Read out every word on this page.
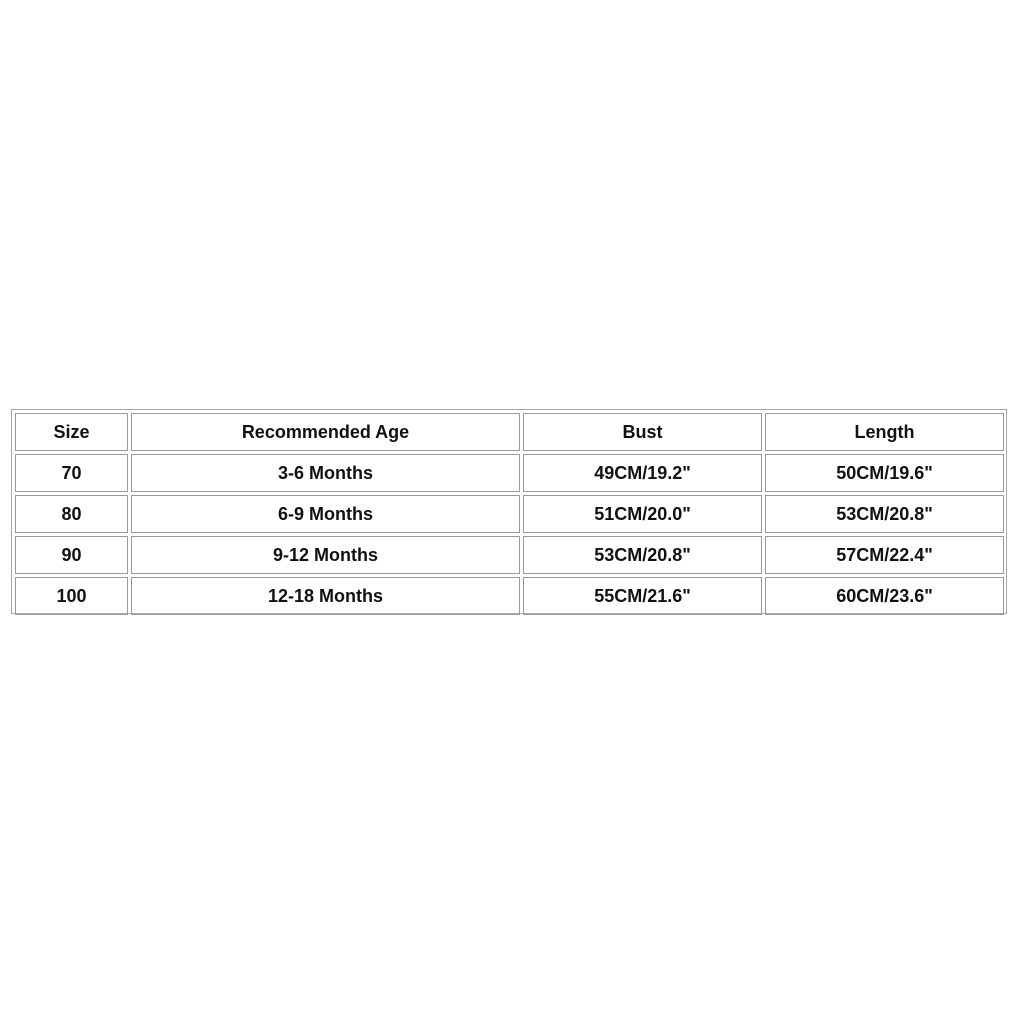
Size	Recommended Age	Bust	Length
70	3-6 Months	49CM/19.2"	50CM/19.6"
80	6-9 Months	51CM/20.0"	53CM/20.8"
90	9-12 Months	53CM/20.8"	57CM/22.4"
100	12-18 Months	55CM/21.6"	60CM/23.6"
